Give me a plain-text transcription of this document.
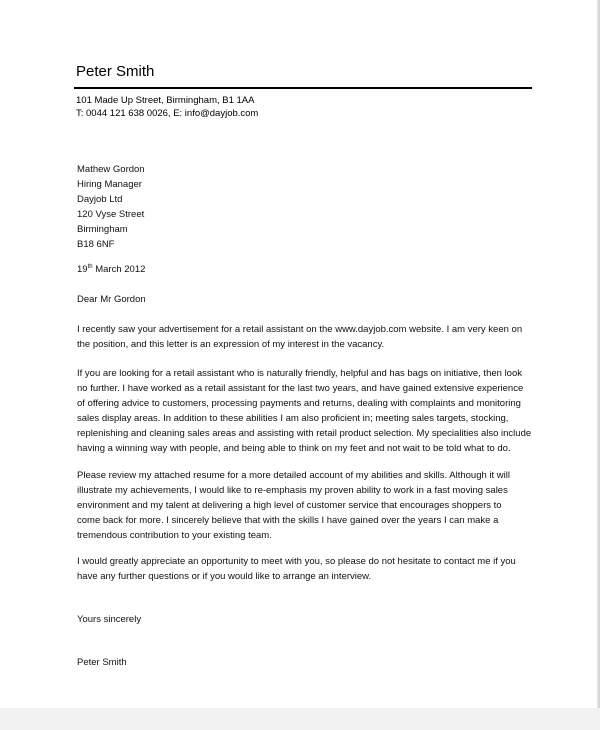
Peter Smith
101 Made Up Street, Birmingham, B1 1AA
T: 0044 121 638 0026, E: info@dayjob.com
Mathew Gordon
Hiring Manager
Dayjob Ltd
120 Vyse Street
Birmingham
B18 6NF
19th March 2012
Dear Mr Gordon
I recently saw your advertisement for a retail assistant on the www.dayjob.com website. I am very keen on
the position, and this letter is an expression of my interest in the vacancy.
If you are looking for a retail assistant who is naturally friendly, helpful and has bags on initiative, then look
no further. I have worked as a retail assistant for the last two years, and have gained extensive experience
of offering advice to customers, processing payments and returns, dealing with complaints and monitoring
sales display areas. In addition to these abilities I am also proficient in; meeting sales targets, stocking,
replenishing and cleaning sales areas and assisting with retail product selection. My specialities also include
having a winning way with people, and being able to think on my feet and not wait to be told what to do.
Please review my attached resume for a more detailed account of my abilities and skills. Although it will
illustrate my achievements, I would like to re-emphasis my proven ability to work in a fast moving sales
environment and my talent at delivering a high level of customer service that encourages shoppers to
come back for more. I sincerely believe that with the skills I have gained over the years I can make a
tremendous contribution to your existing team.
I would greatly appreciate an opportunity to meet with you, so please do not hesitate to contact me if you
have any further questions or if you would like to arrange an interview.
Yours sincerely
Peter Smith
